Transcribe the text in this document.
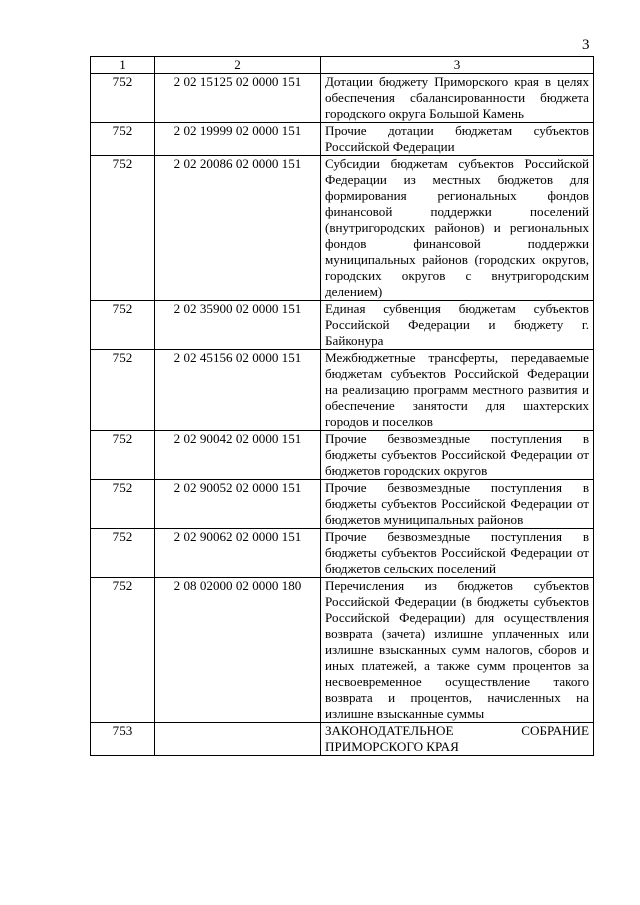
3
1	2	3
752	2 02 15125 02 0000 151	Дотации бюджету Приморского края в целях обеспечения сбалансированности бюджета городского округа Большой Камень
752	2 02 19999 02 0000 151	Прочие дотации бюджетам субъектов Российской Федерации
752	2 02 20086 02 0000 151	Субсидии бюджетам субъектов Российской Федерации из местных бюджетов для формирования региональных фондов финансовой поддержки поселений (внутригородских районов) и региональных фондов финансовой поддержки муниципальных районов (городских округов, городских округов с внутригородским делением)
752	2 02 35900 02 0000 151	Единая субвенция бюджетам субъектов Российской Федерации и бюджету г. Байконура
752	2 02 45156 02 0000 151	Межбюджетные трансферты, передаваемые бюджетам субъектов Российской Федерации на реализацию программ местного развития и обеспечение занятости для шахтерских городов и поселков
752	2 02 90042 02 0000 151	Прочие безвозмездные поступления в бюджеты субъектов Российской Федерации от бюджетов городских округов
752	2 02 90052 02 0000 151	Прочие безвозмездные поступления в бюджеты субъектов Российской Федерации от бюджетов муниципальных районов
752	2 02 90062 02 0000 151	Прочие безвозмездные поступления в бюджеты субъектов Российской Федерации от бюджетов сельских поселений
752	2 08 02000 02 0000 180	Перечисления из бюджетов субъектов Российской Федерации (в бюджеты субъектов Российской Федерации) для осуществления возврата (зачета) излишне уплаченных или излишне взысканных сумм налогов, сборов и иных платежей, а также сумм процентов за несвоевременное осуществление такого возврата и процентов, начисленных на излишне взысканные суммы
753		ЗАКОНОДАТЕЛЬНОЕ СОБРАНИЕ ПРИМОРСКОГО КРАЯ
